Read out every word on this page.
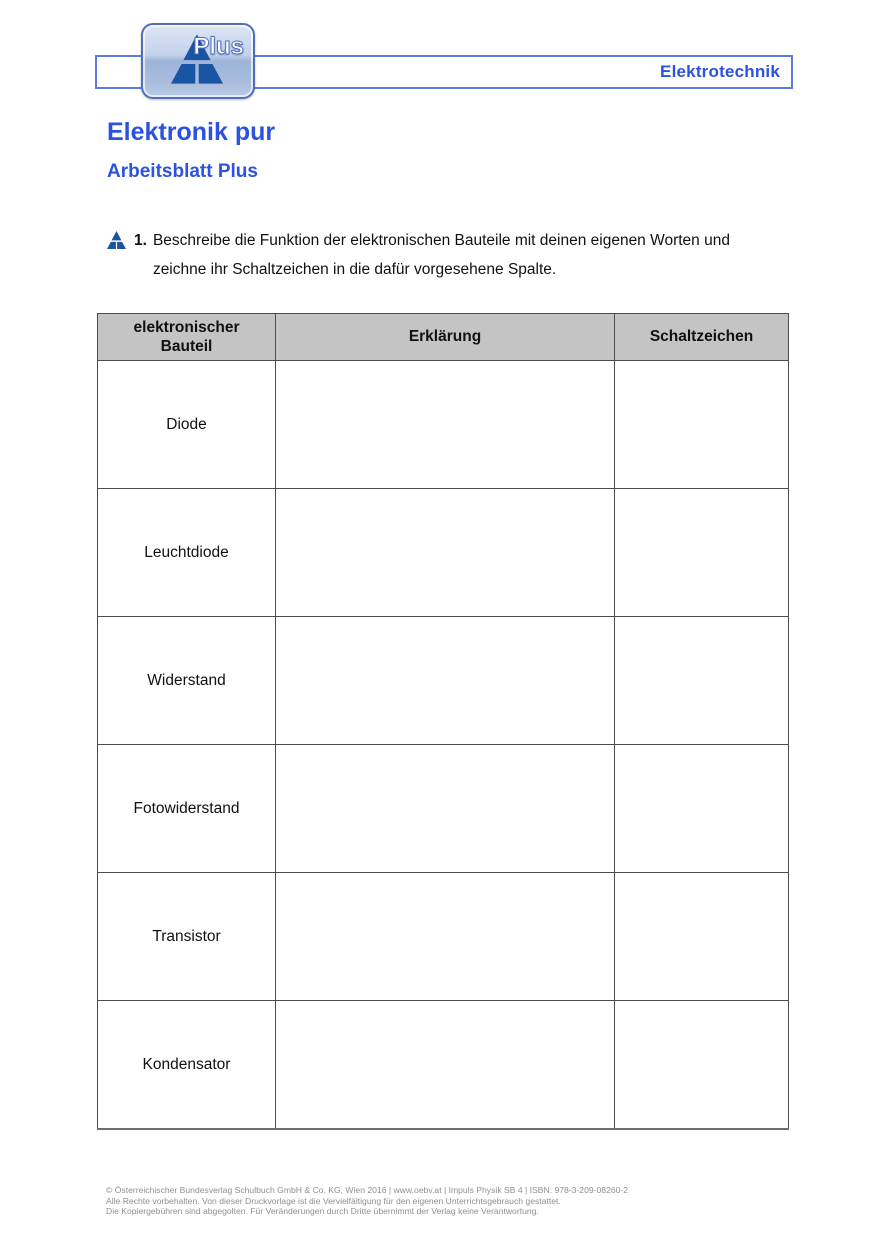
Elektrotechnik
Plus
Elektronik pur
Arbeitsblatt Plus
1. Beschreibe die Funktion der elektronischen Bauteile mit deinen eigenen Worten und
zeichne ihr Schaltzeichen in die dafür vorgesehene Spalte.
elektronischer Bauteil	Erklärung	Schaltzeichen
Diode		
Leuchtdiode		
Widerstand		
Fotowiderstand		
Transistor		
Kondensator		
© Österreichischer Bundesverlag Schulbuch GmbH & Co. KG, Wien 2016 | www.oebv.at | Impuls Physik SB 4 | ISBN: 978-3-209-08260-2
Alle Rechte vorbehalten. Von dieser Druckvorlage ist die Vervielfältigung für den eigenen Unterrichtsgebrauch gestattet.
Die Kopiergebühren sind abgegolten. Für Veränderungen durch Dritte übernimmt der Verlag keine Verantwortung.
